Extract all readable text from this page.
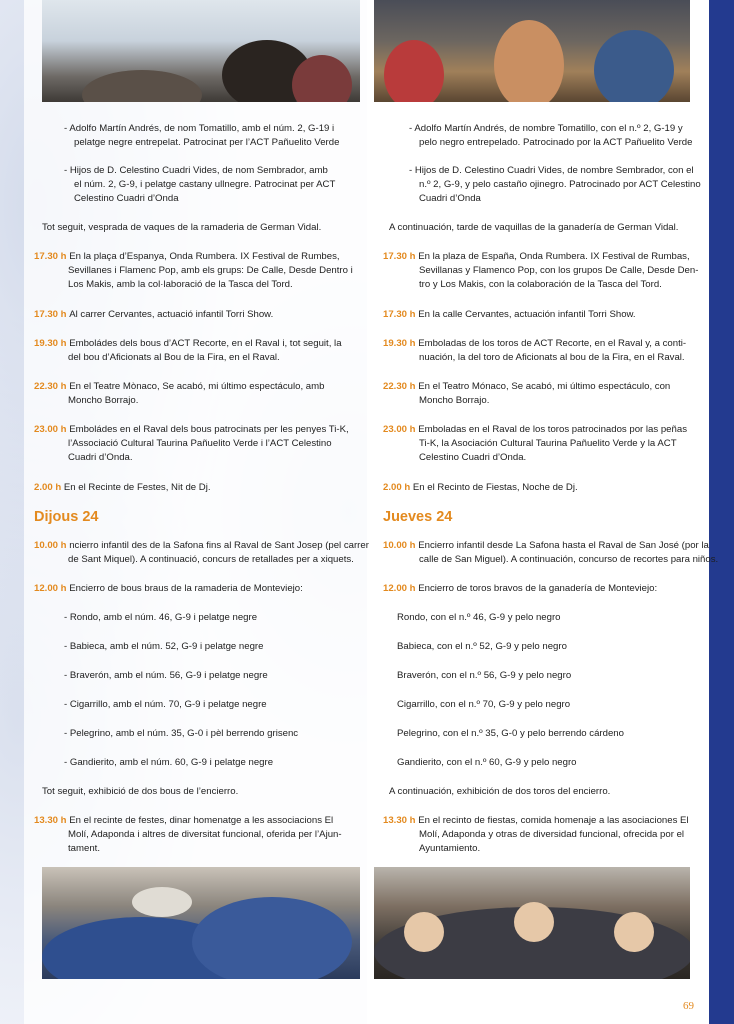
- Adolfo Martín Andrés, de nom Tomatillo, amb el núm. 2, G-19 i
pelatge negre entrepelat. Patrocinat per l’ACT Pañuelito Verde
- Hijos de D. Celestino Cuadri Vides, de nom Sembrador, amb
el núm. 2, G-9, i pelatge castany ullnegre. Patrocinat per ACT
Celestino Cuadri d’Onda
Tot seguit, vesprada de vaques de la ramaderia de German Vidal.
17.30 h En la plaça d’Espanya, Onda Rumbera. IX Festival de Rumbes,
Sevillanes i Flamenc Pop, amb els grups: De Calle, Desde Dentro i
Los Makis, amb la col·laboració de la Tasca del Tord.
17.30 h Al carrer Cervantes, actuació infantil Torri Show.
19.30 h Emboládes dels bous d’ACT Recorte, en el Raval i, tot seguit, la
del bou d’Aficionats al Bou de la Fira, en el Raval.
22.30 h En el Teatre Mònaco, Se acabó, mi último espectáculo, amb
Moncho Borrajo.
23.00 h Emboládes en el Raval dels bous patrocinats per les penyes Ti-K,
l’Associació Cultural Taurina Pañuelito Verde i l’ACT Celestino
Cuadri d’Onda.
2.00 h En el Recinte de Festes, Nit de Dj.
Dijous 24
10.00 h ncierro infantil des de la Safona fins al Raval de Sant Josep (pel carrer
de Sant Miquel). A continuació, concurs de retallades per a xiquets.
12.00 h Encierro de bous braus de la ramaderia de Monteviejo:
- Rondo, amb el núm. 46, G-9 i pelatge negre
- Babieca, amb el núm. 52, G-9 i pelatge negre
- Braverón, amb el núm. 56, G-9 i pelatge negre
- Cigarrillo, amb el núm. 70, G-9 i pelatge negre
- Pelegrino, amb el núm. 35, G-0 i pèl berrendo grisenc
- Gandierito, amb el núm. 60, G-9 i pelatge negre
Tot seguit, exhibició de dos bous de l’encierro.
13.30 h En el recinte de festes, dinar homenatge a les associacions El
Molí, Adaponda i altres de diversitat funcional, oferida per l’Ajun-
tament.
- Adolfo Martín Andrés, de nombre Tomatillo, con el n.º 2, G-19 y
pelo negro entrepelado. Patrocinado por la ACT Pañuelito Verde
- Hijos de D. Celestino Cuadri Vides, de nombre Sembrador, con el
n.º 2, G-9, y pelo castaño ojinegro. Patrocinado por ACT Celestino
Cuadri d’Onda
A continuación, tarde de vaquillas de la ganadería de German Vidal.
17.30 h En la plaza de España, Onda Rumbera. IX Festival de Rumbas,
Sevillanas y Flamenco Pop, con los grupos De Calle, Desde Den-
tro y Los Makis, con la colaboración de la Tasca del Tord.
17.30 h En la calle Cervantes, actuación infantil Torri Show.
19.30 h Emboladas de los toros de ACT Recorte, en el Raval y, a conti-
nuación, la del toro de Aficionats al bou de la Fira, en el Raval.
22.30 h En el Teatro Mónaco, Se acabó, mi último espectáculo, con
Moncho Borrajo.
23.00 h Emboladas en el Raval de los toros patrocinados por las peñas
Ti-K, la Asociación Cultural Taurina Pañuelito Verde y la ACT
Celestino Cuadri d’Onda.
2.00 h En el Recinto de Fiestas, Noche de Dj.
Jueves 24
10.00 h Encierro infantil desde La Safona hasta el Raval de San José (por la
calle de San Miguel). A continuación, concurso de recortes para niños.
12.00 h Encierro de toros bravos de la ganadería de Monteviejo:
Rondo, con el n.º 46, G-9 y pelo negro
Babieca, con el n.º 52, G-9 y pelo negro
Braverón, con el n.º 56, G-9 y pelo negro
Cigarrillo, con el n.º 70, G-9 y pelo negro
Pelegrino, con el n.º 35, G-0 y pelo berrendo cárdeno
Gandierito, con el n.º 60, G-9 y pelo negro
A continuación, exhibición de dos toros del encierro.
13.30 h En el recinto de fiestas, comida homenaje a las asociaciones El
Molí, Adaponda y otras de diversidad funcional, ofrecida por el
Ayuntamiento.
69
